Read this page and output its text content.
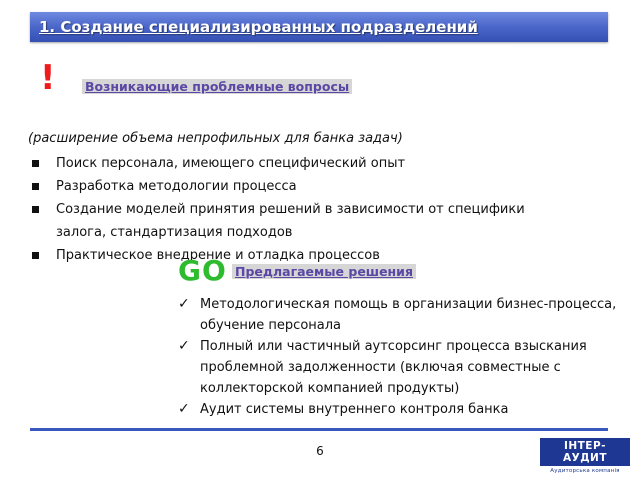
1. Создание специализированных подразделений
! Возникающие проблемные вопросы

(расширение объема непрофильных для банка задач)

Поиск персонала, имеющего специфический опыт
Разработка методологии процесса
Создание моделей принятия решений в зависимости от специфики залога, стандартизация подходов
Практическое внедрение и отладка процессов
GO Предлагаемые решения
✓ Методологическая помощь в организации бизнес-процесса, обучение персонала
✓ Полный или частичный аутсорсинг процесса взыскания проблемной задолженности (включая совместные с коллекторской компанией продукты)
✓ Аудит системы внутреннего контроля банка
6	ІНТЕР-АУДИТ
Аудиторська компанія
